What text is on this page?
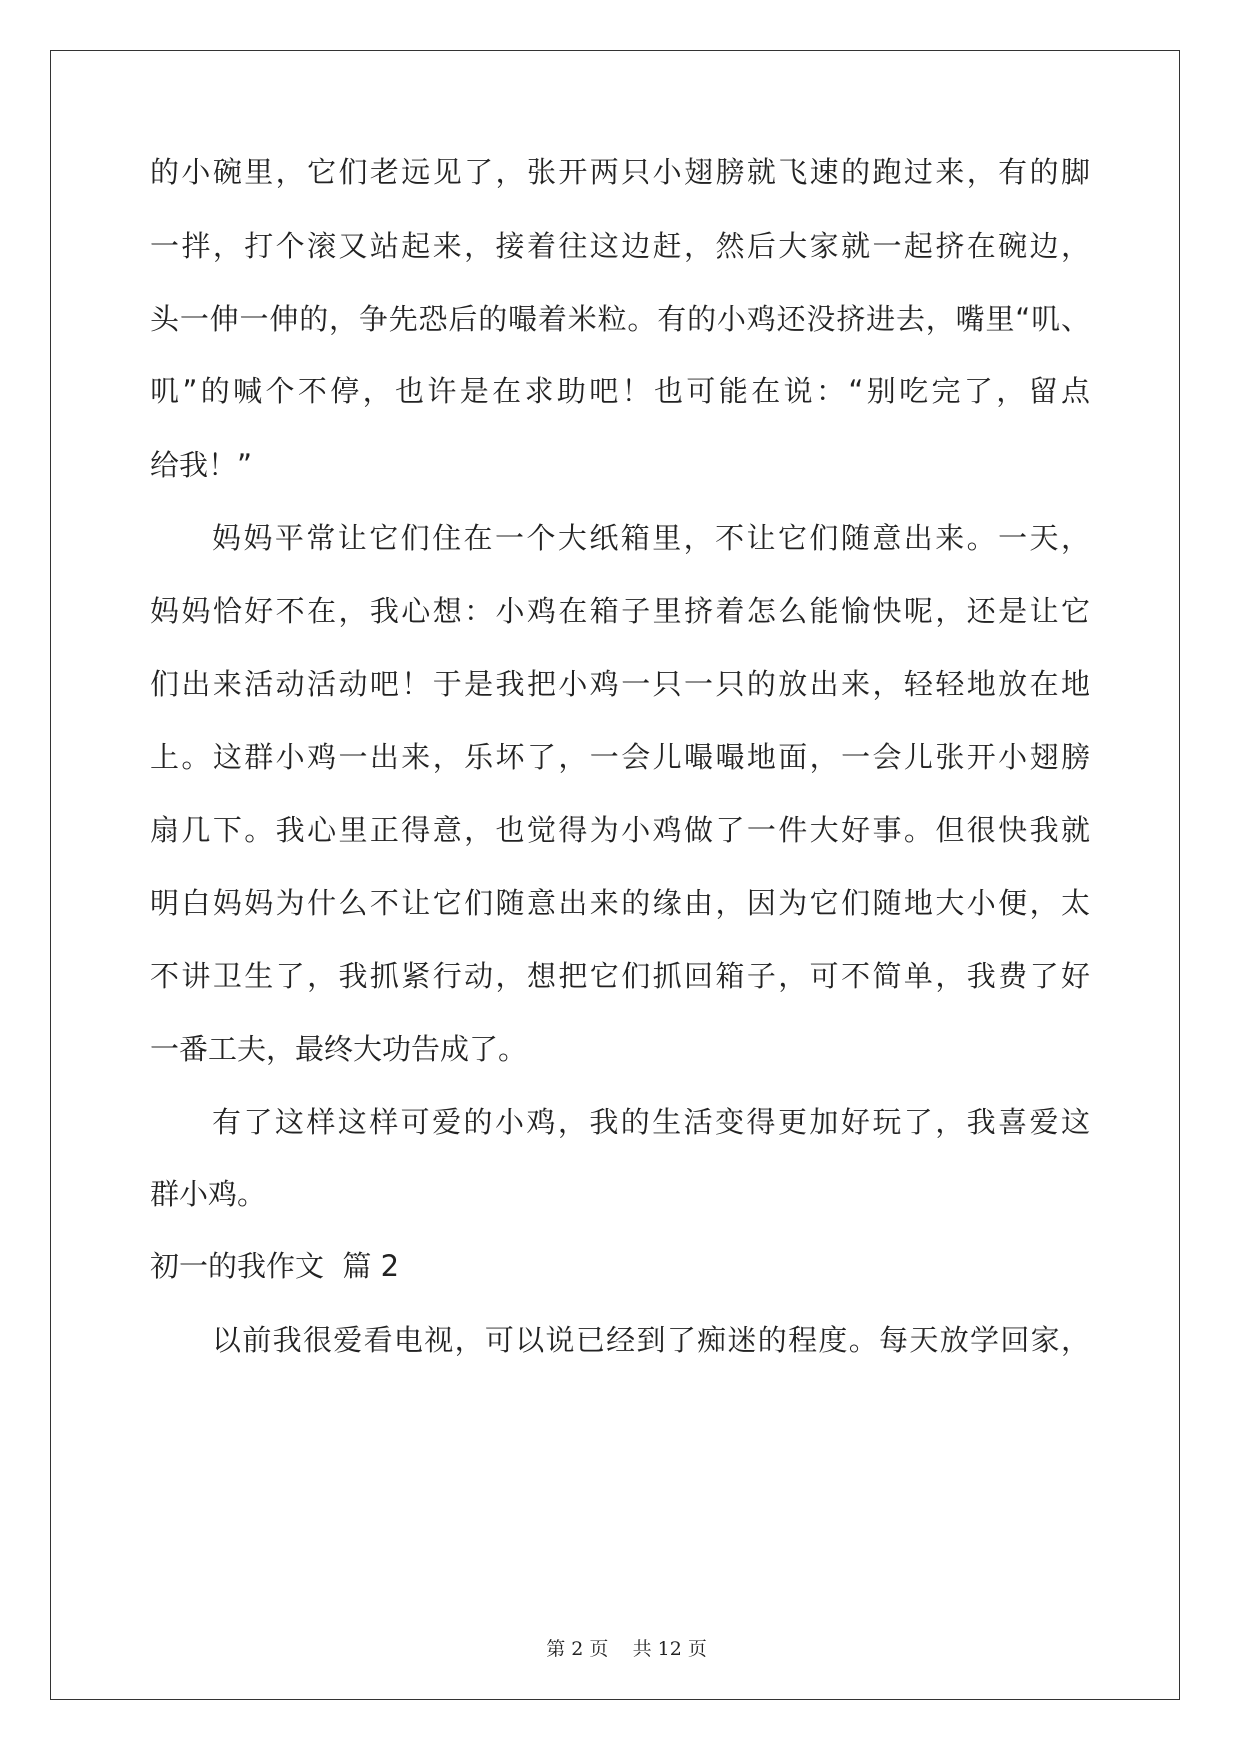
的小碗里，它们老远见了，张开两只小翅膀就飞速的跑过来，有的脚
一拌，打个滚又站起来，接着往这边赶，然后大家就一起挤在碗边，
头一伸一伸的，争先恐后的嘬着米粒。有的小鸡还没挤进去，嘴里“叽、
叽”的喊个不停，也许是在求助吧！也可能在说：“别吃完了，留点
给我！”
妈妈平常让它们住在一个大纸箱里，不让它们随意出来。一天，
妈妈恰好不在，我心想：小鸡在箱子里挤着怎么能愉快呢，还是让它
们出来活动活动吧！于是我把小鸡一只一只的放出来，轻轻地放在地
上。这群小鸡一出来，乐坏了，一会儿嘬嘬地面，一会儿张开小翅膀
扇几下。我心里正得意，也觉得为小鸡做了一件大好事。但很快我就
明白妈妈为什么不让它们随意出来的缘由，因为它们随地大小便，太
不讲卫生了，我抓紧行动，想把它们抓回箱子，可不简单，我费了好
一番工夫，最终大功告成了。
有了这样这样可爱的小鸡，我的生活变得更加好玩了，我喜爱这
群小鸡。
初一的我作文  篇 2
以前我很爱看电视，可以说已经到了痴迷的程度。每天放学回家，

第 2 页    共 12 页
